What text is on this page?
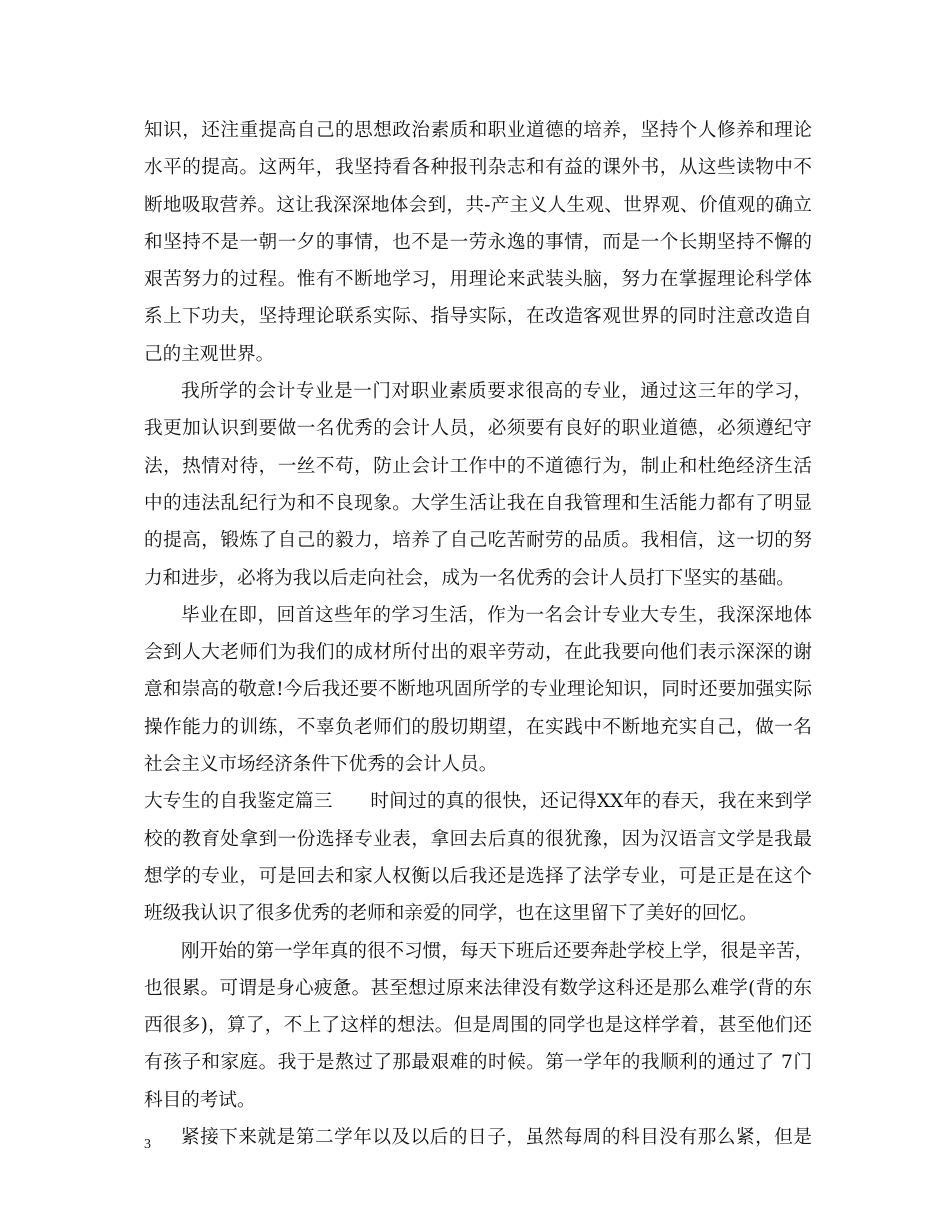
知识，还注重提高自己的思想政治素质和职业道德的培养，坚持个人修养和理论
水平的提高。这两年，我坚持看各种报刊杂志和有益的课外书，从这些读物中不
断地吸取营养。这让我深深地体会到，共-产主义人生观、世界观、价值观的确立
和坚持不是一朝一夕的事情，也不是一劳永逸的事情，而是一个长期坚持不懈的
艰苦努力的过程。惟有不断地学习，用理论来武装头脑，努力在掌握理论科学体
系上下功夫，坚持理论联系实际、指导实际，在改造客观世界的同时注意改造自
己的主观世界。
我所学的会计专业是一门对职业素质要求很高的专业，通过这三年的学习，
我更加认识到要做一名优秀的会计人员，必须要有良好的职业道德，必须遵纪守
法，热情对待，一丝不苟，防止会计工作中的不道德行为，制止和杜绝经济生活
中的违法乱纪行为和不良现象。大学生活让我在自我管理和生活能力都有了明显
的提高，锻炼了自己的毅力，培养了自己吃苦耐劳的品质。我相信，这一切的努
力和进步，必将为我以后走向社会，成为一名优秀的会计人员打下坚实的基础。
毕业在即，回首这些年的学习生活，作为一名会计专业大专生，我深深地体
会到人大老师们为我们的成材所付出的艰辛劳动，在此我要向他们表示深深的谢
意和崇高的敬意!今后我还要不断地巩固所学的专业理论知识，同时还要加强实际
操作能力的训练，不辜负老师们的殷切期望，在实践中不断地充实自己，做一名
社会主义市场经济条件下优秀的会计人员。
大专生的自我鉴定篇三　　时间过的真的很快，还记得XX年的春天，我在来到学
校的教育处拿到一份选择专业表，拿回去后真的很犹豫，因为汉语言文学是我最
想学的专业，可是回去和家人权衡以后我还是选择了法学专业，可是正是在这个
班级我认识了很多优秀的老师和亲爱的同学，也在这里留下了美好的回忆。
刚开始的第一学年真的很不习惯，每天下班后还要奔赴学校上学，很是辛苦，
也很累。可谓是身心疲惫。甚至想过原来法律没有数学这科还是那么难学(背的东
西很多)，算了，不上了这样的想法。但是周围的同学也是这样学着，甚至他们还
有孩子和家庭。我于是熬过了那最艰难的时候。第一学年的我顺利的通过了 7门
科目的考试。
紧接下来就是第二学年以及以后的日子，虽然每周的科目没有那么紧，但是
3
